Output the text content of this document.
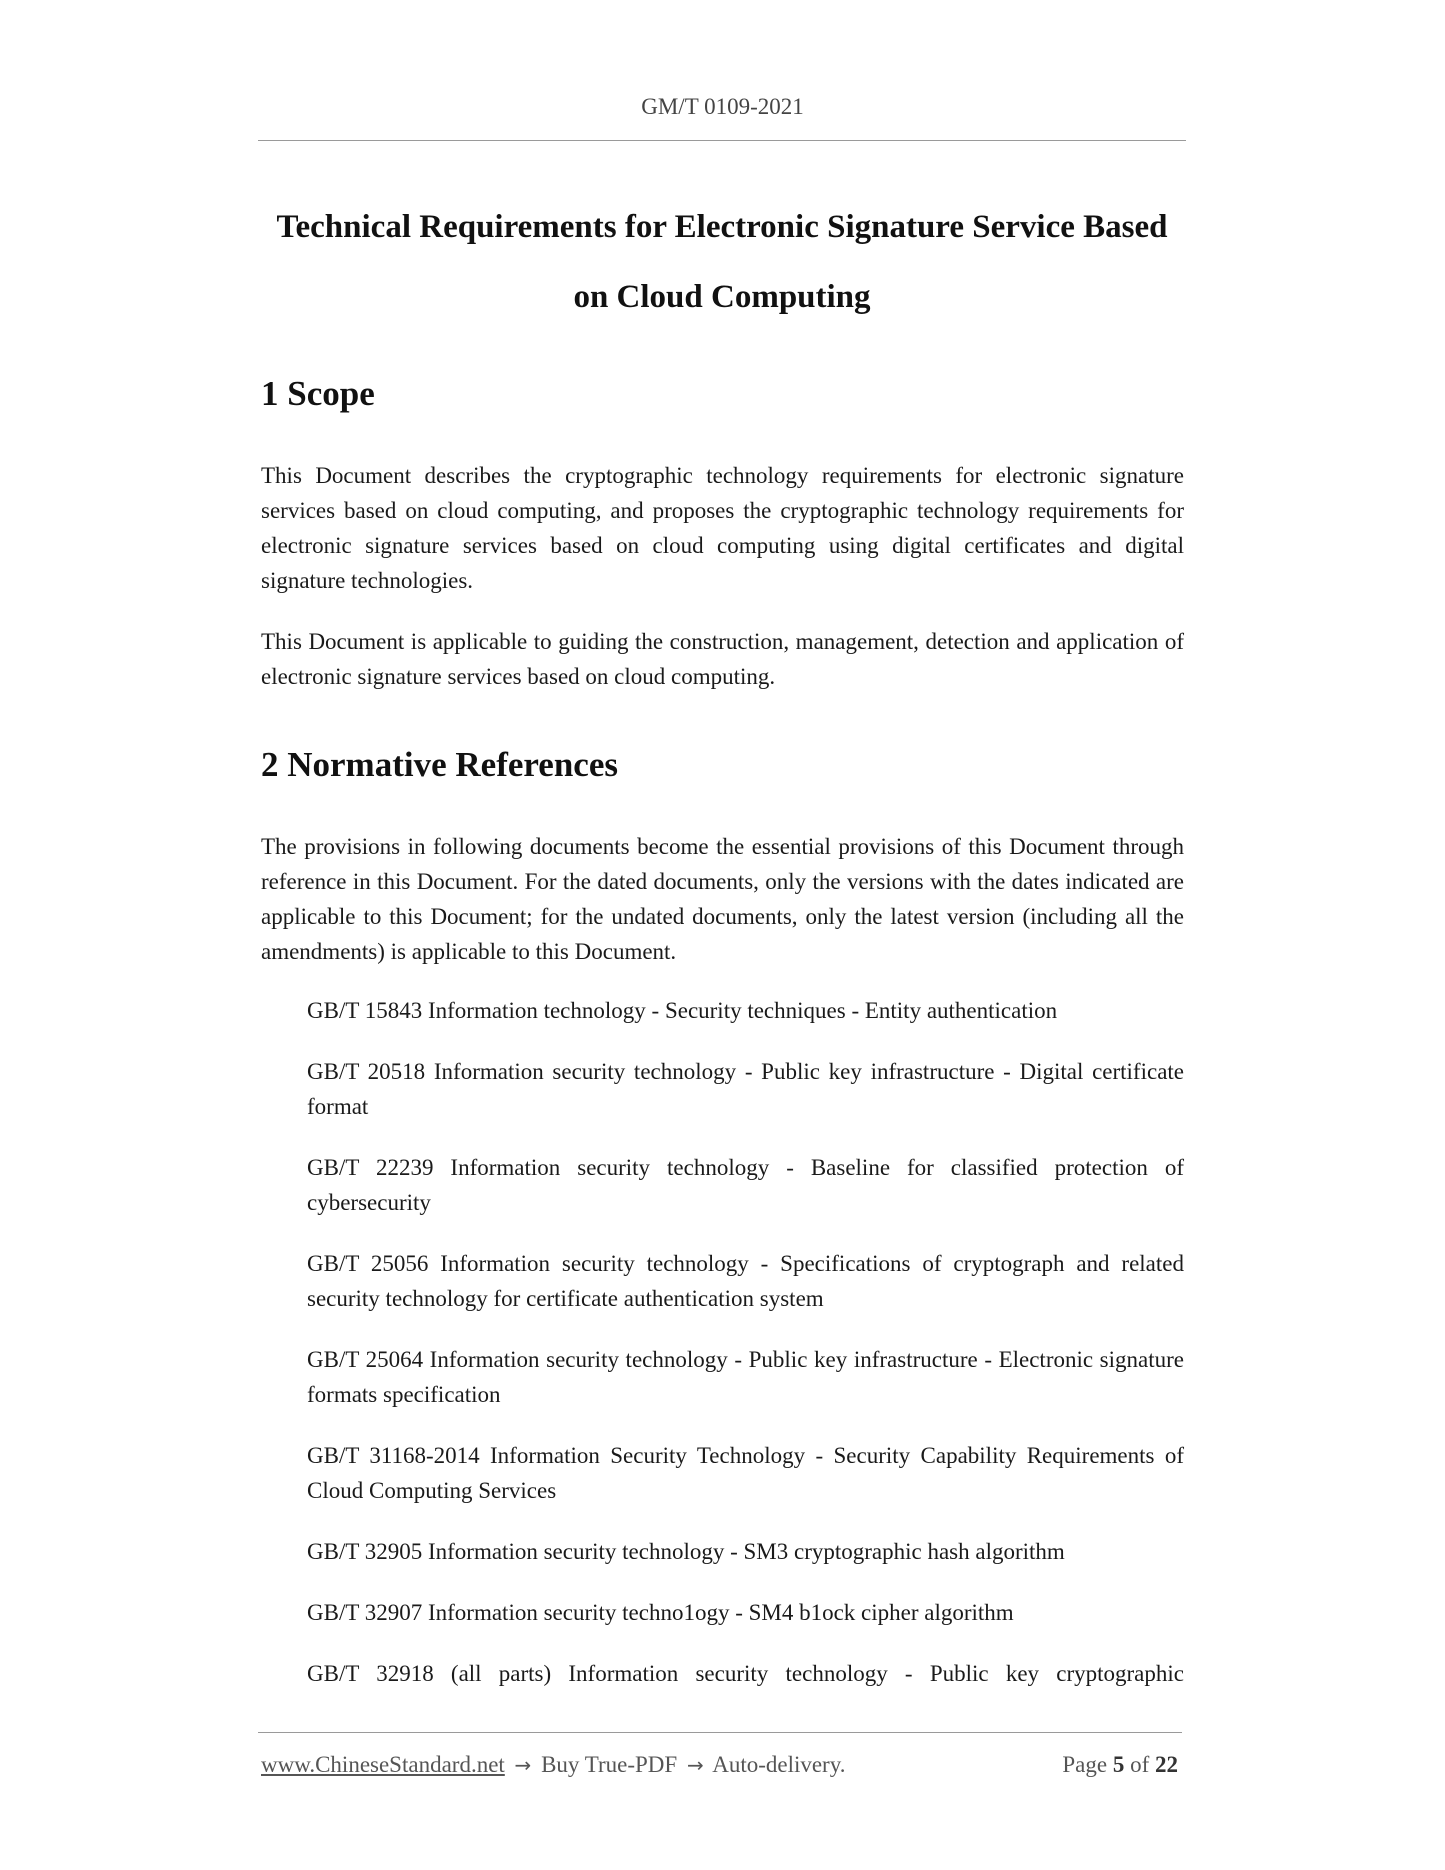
GM/T 0109-2021
Technical Requirements for Electronic Signature Service Based
on Cloud Computing
1 Scope

This Document describes the cryptographic technology requirements for electronic signature services based on cloud computing, and proposes the cryptographic technology requirements for electronic signature services based on cloud computing using digital certificates and digital signature technologies.

This Document is applicable to guiding the construction, management, detection and application of electronic signature services based on cloud computing.

2 Normative References

The provisions in following documents become the essential provisions of this Document through reference in this Document. For the dated documents, only the versions with the dates indicated are applicable to this Document; for the undated documents, only the latest version (including all the amendments) is applicable to this Document.

GB/T 15843 Information technology - Security techniques - Entity authentication
GB/T 20518 Information security technology - Public key infrastructure - Digital certificate format
GB/T 22239 Information security technology - Baseline for classified protection of cybersecurity
GB/T 25056 Information security technology - Specifications of cryptograph and related security technology for certificate authentication system
GB/T 25064 Information security technology - Public key infrastructure - Electronic signature formats specification
GB/T 31168-2014 Information Security Technology - Security Capability Requirements of Cloud Computing Services
GB/T 32905 Information security technology - SM3 cryptographic hash algorithm
GB/T 32907 Information security techno1ogy - SM4 b1ock cipher algorithm
GB/T 32918 (all parts) Information security technology - Public key cryptographic
www.ChineseStandard.net → Buy True-PDF → Auto-delivery.	Page 5 of 22
